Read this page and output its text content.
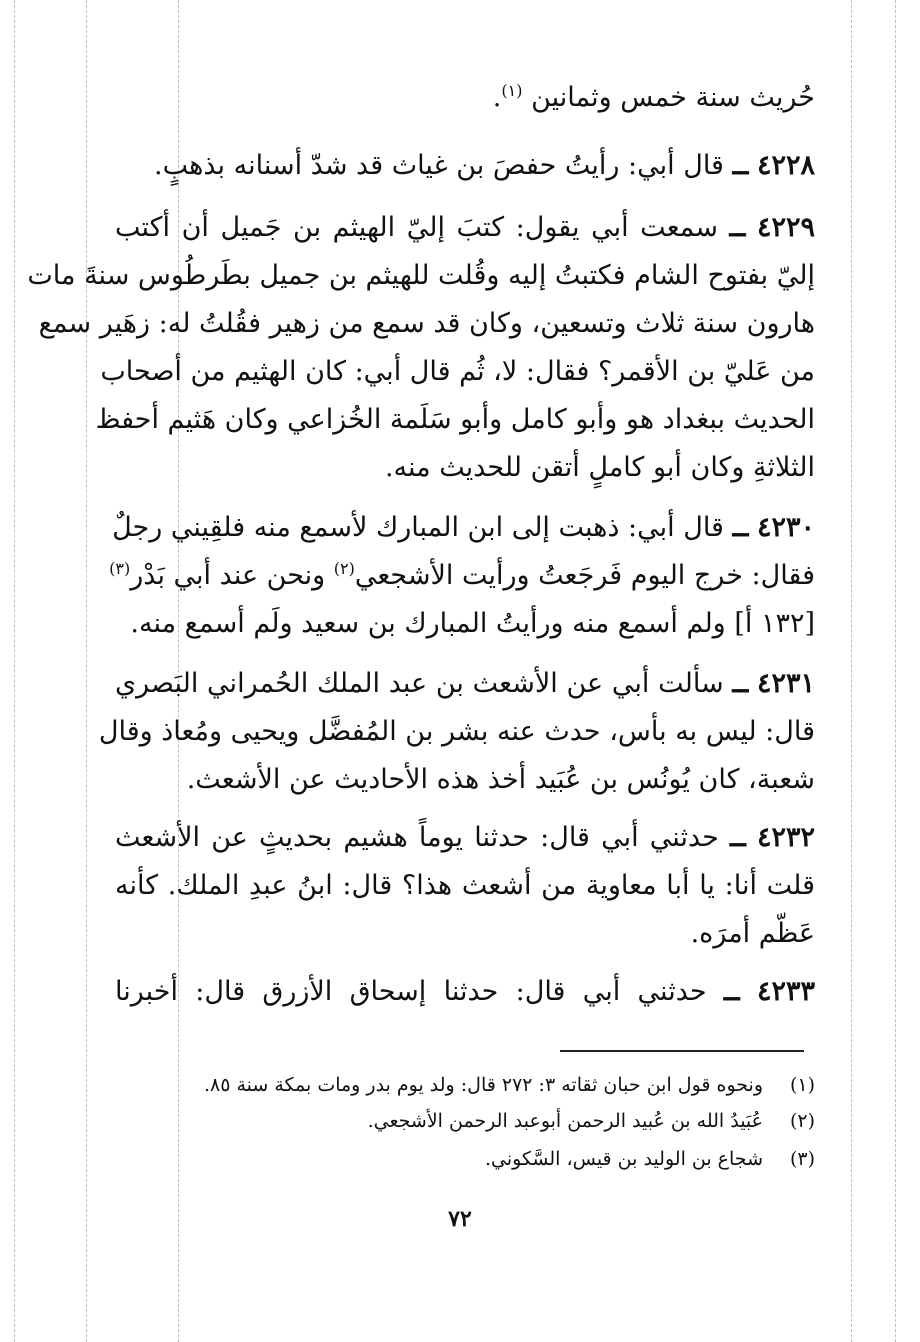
حُريث سنة خمس وثمانين $^{(١)}$.
٤٢٢٨ ــ قال أبي: رأيتُ حفصَ بن غياث قد شدّ أسنانه بذهبٍ.
٤٢٢٩ ــ سمعت أبي يقول: كتبَ إليّ الهيثم بن جَميل أن أكتب
إليّ بفتوح الشام فكتبتُ إليه وقُلت للهيثم بن جميل بطَرطُوس سنةَ مات
هارون سنة ثلاث وتسعين، وكان قد سمع من زهير فقُلتُ له: زهَير سمع
من عَليّ بن الأقمر؟ فقال: لا، ثُم قال أبي: كان الهثيم من أصحاب
الحديث ببغداد هو وأبو كامل وأبو سَلَمة الخُزاعي وكان هَثيم أحفظ
الثلاثةِ وكان أبو كاملٍ أتقن للحديث منه.
٤٢٣٠ ــ قال أبي: ذهبت إلى ابن المبارك لأسمع منه فلقِيني رجلٌ
فقال: خرج اليوم فَرجَعتُ ورأيت الأشجعي$^{(٢)}$ ونحن عند أبي بَدْر$^{(٣)}$
[١٣٢ أ] ولم أسمع منه ورأيتُ المبارك بن سعيد ولَم أسمع منه.
٤٢٣١ ــ سألت أبي عن الأشعث بن عبد الملك الحُمراني البَصري
قال: ليس به بأس، حدث عنه بشر بن المُفضَّل ويحيى ومُعاذ وقال
شعبة، كان يُونُس بن عُبَيد أخذ هذه الأحاديث عن الأشعث.
٤٢٣٢ ــ حدثني أبي قال: حدثنا يوماً هشيم بحديثٍ عن الأشعث
قلت أنا: يا أبا معاوية من أشعث هذا؟ قال: ابنُ عبدِ الملك. كأنه
عَظّم أمرَه.
٤٢٣٣ ــ حدثني أبي قال: حدثنا إسحاق الأزرق قال: أخبرنا
(١)ونحوه قول ابن حبان ثقاته ٣: ٢٧٢ قال: ولد يوم بدر ومات بمكة سنة ٨٥.
(٢)عُبَيدُ الله بن عُبيد الرحمن أبوعبد الرحمن الأشجعي.
(٣)شجاع بن الوليد بن قيس، السَّكوني.
٧٢
